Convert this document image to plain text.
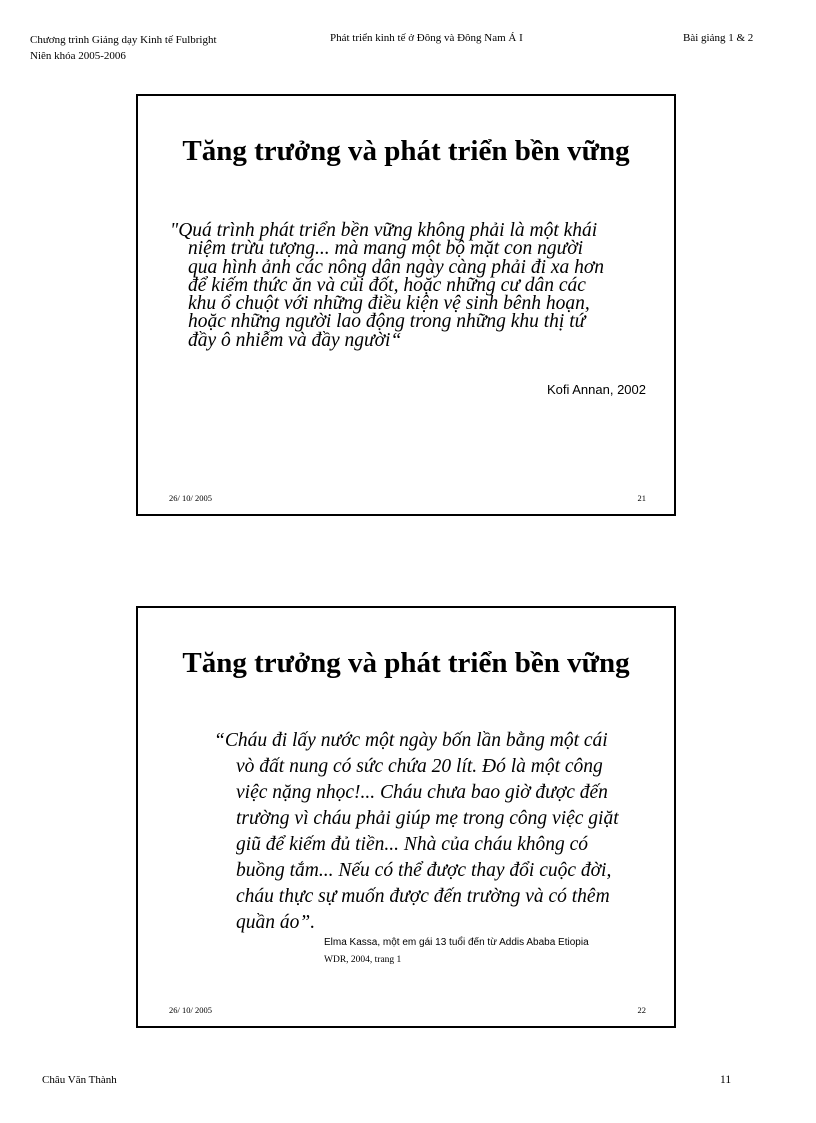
Chương trình Giảng dạy Kinh tế Fulbright
Niên khóa 2005-2006
Phát triển kinh tế ở Đông và Đông Nam Á I	Bài giảng 1 & 2
Tăng trưởng và phát triển bền vững
"Quá trình phát triển bền vững không phải là một khái
niệm trừu tượng... mà mang một bộ mặt con người
qua hình ảnh các nông dân ngày càng phải đi xa hơn
để kiếm thức ăn và củi đốt, hoặc những cư dân các
khu ổ chuột với những điều kiện vệ sinh bênh hoạn,
hoặc những người lao động trong những khu thị tứ
đầy ô nhiễm và đầy người“
Kofi Annan, 2002
26/ 10/ 2005	21
Tăng trưởng và phát triển bền vững
“Cháu đi lấy nước một ngày bốn lần bằng một cái
vò đất nung có sức chứa 20 lít. Đó là một công
việc nặng nhọc!... Cháu chưa bao giờ được đến
trường vì cháu phải giúp mẹ trong công việc giặt
giũ để kiếm đủ tiền... Nhà của cháu không có
buồng tắm... Nếu có thể được thay đổi cuộc đời,
cháu thực sự muốn được đến trường và có thêm
quần áo”.
Elma Kassa, một em gái 13 tuổi đến từ Addis Ababa Etiopia
WDR, 2004, trang 1
26/ 10/ 2005	22
Châu Văn Thành	11
